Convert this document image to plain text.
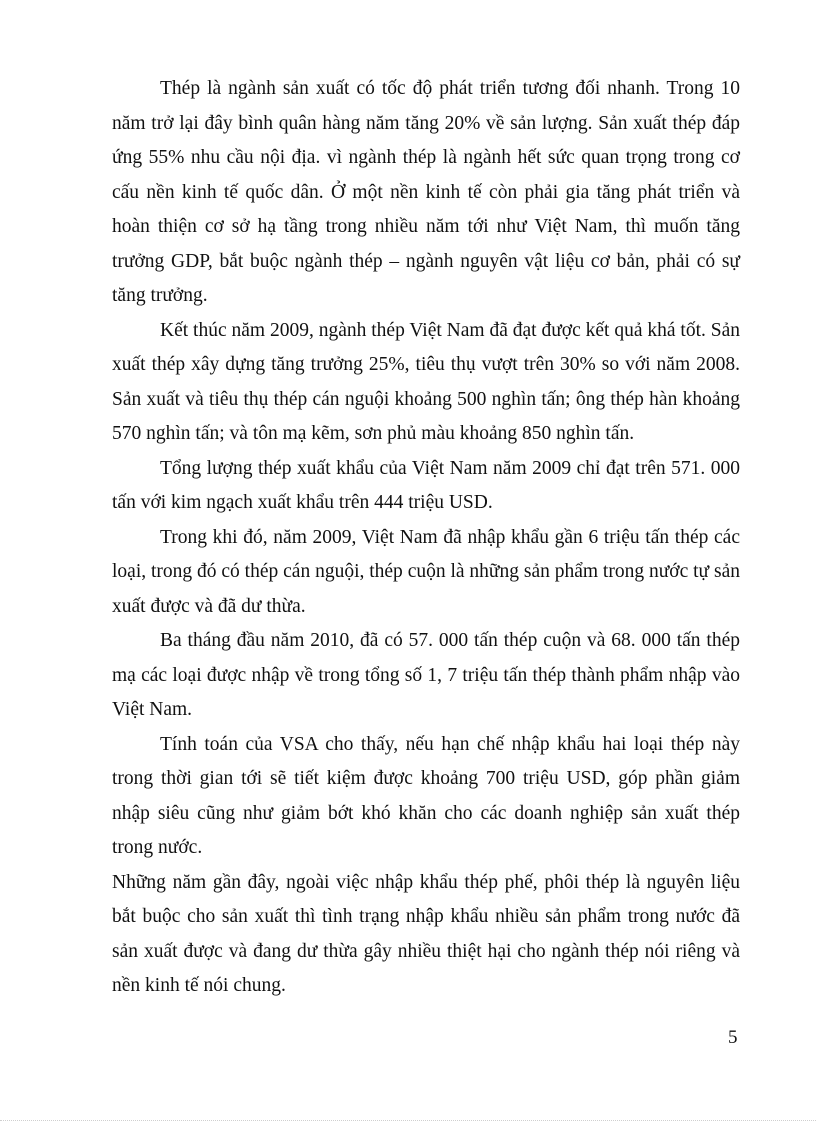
Thép là ngành sản xuất có tốc độ phát triển tương đối nhanh. Trong 10 năm trở lại đây bình quân hàng năm tăng 20% về sản lượng. Sản xuất thép đáp ứng 55% nhu cầu nội địa. vì ngành thép là ngành hết sức quan trọng trong cơ cấu nền kinh tế quốc dân. Ở một nền kinh tế còn phải gia tăng phát triển và hoàn thiện cơ sở hạ tầng trong nhiều năm tới như Việt Nam, thì muốn tăng trưởng GDP, bắt buộc ngành thép – ngành nguyên vật liệu cơ bản, phải có sự tăng trưởng.

Kết thúc năm 2009, ngành thép Việt Nam đã đạt được kết quả khá tốt. Sản xuất thép xây dựng tăng trưởng 25%, tiêu thụ vượt trên 30% so với năm 2008. Sản xuất và tiêu thụ thép cán nguội khoảng 500 nghìn tấn; ông thép hàn khoảng 570 nghìn tấn; và tôn mạ kẽm, sơn phủ màu khoảng 850 nghìn tấn.

Tổng lượng thép xuất khẩu của Việt Nam năm 2009 chỉ đạt trên 571. 000 tấn với kim ngạch xuất khẩu trên 444 triệu USD.

Trong khi đó, năm 2009, Việt Nam đã nhập khẩu gần 6 triệu tấn thép các loại, trong đó có thép cán nguội, thép cuộn là những sản phẩm trong nước tự sản xuất được và đã dư thừa.

Ba tháng đầu năm 2010, đã có 57. 000 tấn thép cuộn và 68. 000 tấn thép mạ các loại được nhập về trong tổng số 1, 7 triệu tấn thép thành phẩm nhập vào Việt Nam.

Tính toán của VSA cho thấy, nếu hạn chế nhập khẩu hai loại thép này trong thời gian tới sẽ tiết kiệm được khoảng 700 triệu USD, góp phần giảm nhập siêu cũng như giảm bớt khó khăn cho các doanh nghiệp sản xuất thép trong nước.

Những năm gần đây, ngoài việc nhập khẩu thép phế, phôi thép là nguyên liệu bắt buộc cho sản xuất thì tình trạng nhập khẩu nhiều sản phẩm trong nước đã sản xuất được và đang dư thừa gây nhiều thiệt hại cho ngành thép nói riêng và nền kinh tế nói chung.

5
